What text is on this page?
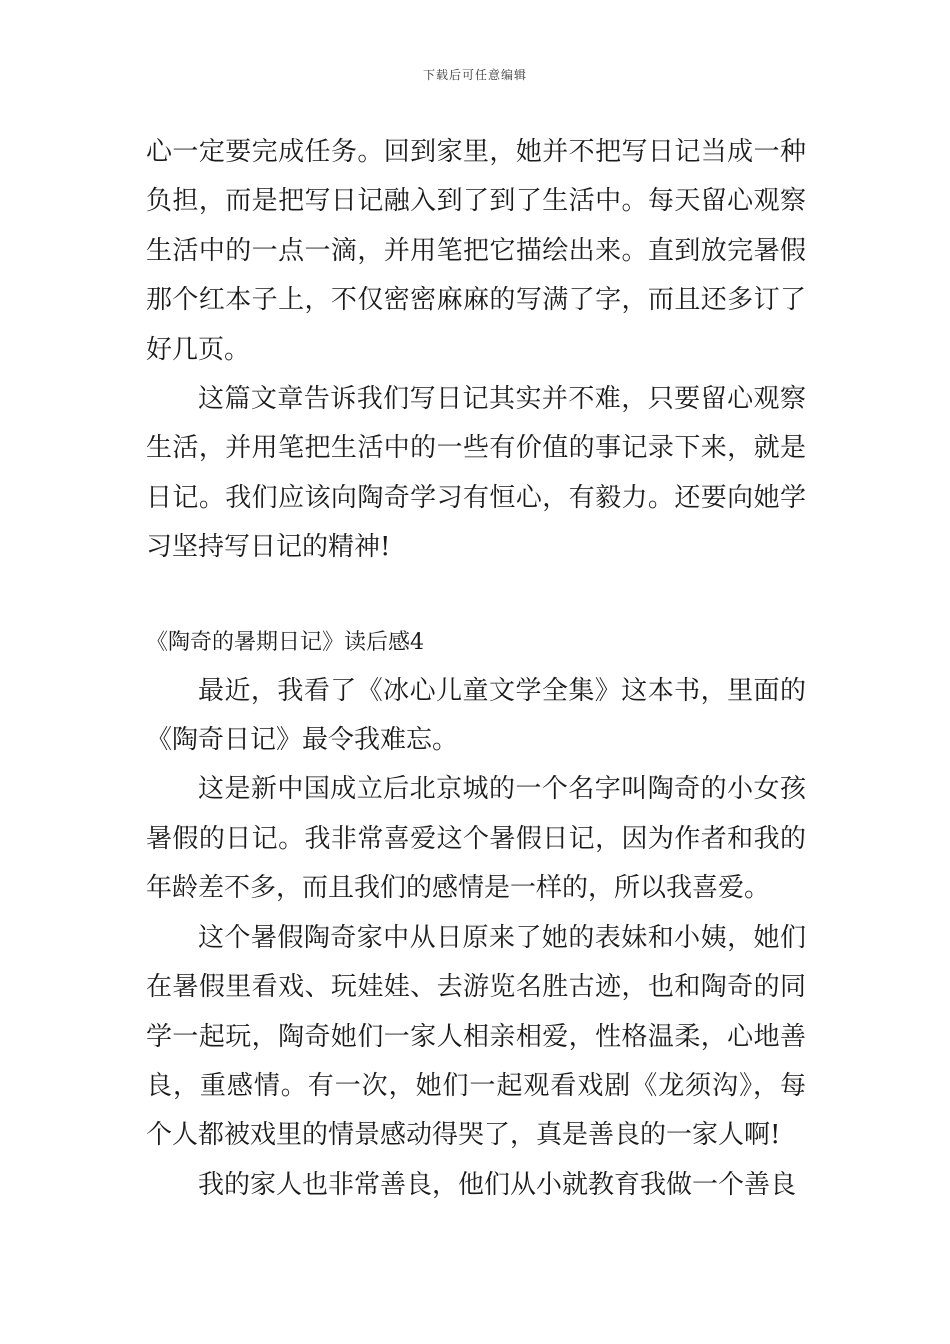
下载后可任意编辑

心一定要完成任务。回到家里，她并不把写日记当成一种负担，而是把写日记融入到了到了生活中。每天留心观察生活中的一点一滴，并用笔把它描绘出来。直到放完暑假那个红本子上，不仅密密麻麻的写满了字，而且还多订了好几页。

这篇文章告诉我们写日记其实并不难，只要留心观察生活，并用笔把生活中的一些有价值的事记录下来，就是日记。我们应该向陶奇学习有恒心，有毅力。还要向她学习坚持写日记的精神!

《陶奇的暑期日记》读后感4

最近，我看了《冰心儿童文学全集》这本书，里面的《陶奇日记》最令我难忘。

这是新中国成立后北京城的一个名字叫陶奇的小女孩暑假的日记。我非常喜爱这个暑假日记，因为作者和我的年龄差不多，而且我们的感情是一样的，所以我喜爱。

这个暑假陶奇家中从日原来了她的表妹和小姨，她们在暑假里看戏、玩娃娃、去游览名胜古迹，也和陶奇的同学一起玩，陶奇她们一家人相亲相爱，性格温柔，心地善良，重感情。有一次，她们一起观看戏剧《龙须沟》，每个人都被戏里的情景感动得哭了，真是善良的一家人啊!

我的家人也非常善良，他们从小就教育我做一个善良
